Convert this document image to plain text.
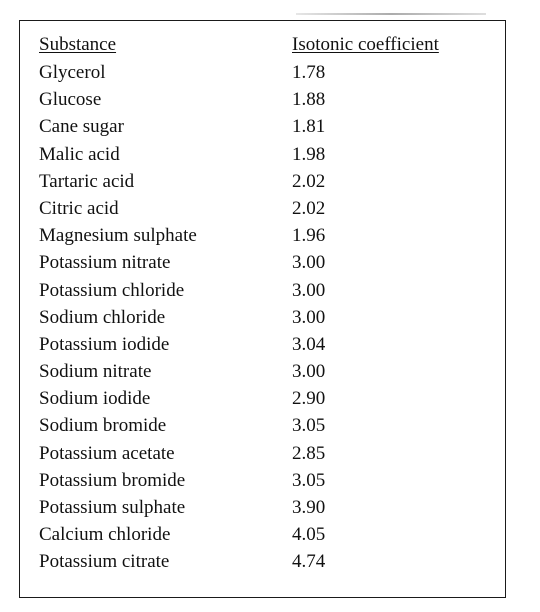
Substance	Isotonic coefficient
Glycerol	1.78
Glucose	1.88
Cane sugar	1.81
Malic acid	1.98
Tartaric acid	2.02
Citric acid	2.02
Magnesium sulphate	1.96
Potassium nitrate	3.00
Potassium chloride	3.00
Sodium chloride	3.00
Potassium iodide	3.04
Sodium nitrate	3.00
Sodium iodide	2.90
Sodium bromide	3.05
Potassium acetate	2.85
Potassium bromide	3.05
Potassium sulphate	3.90
Calcium chloride	4.05
Potassium citrate	4.74
